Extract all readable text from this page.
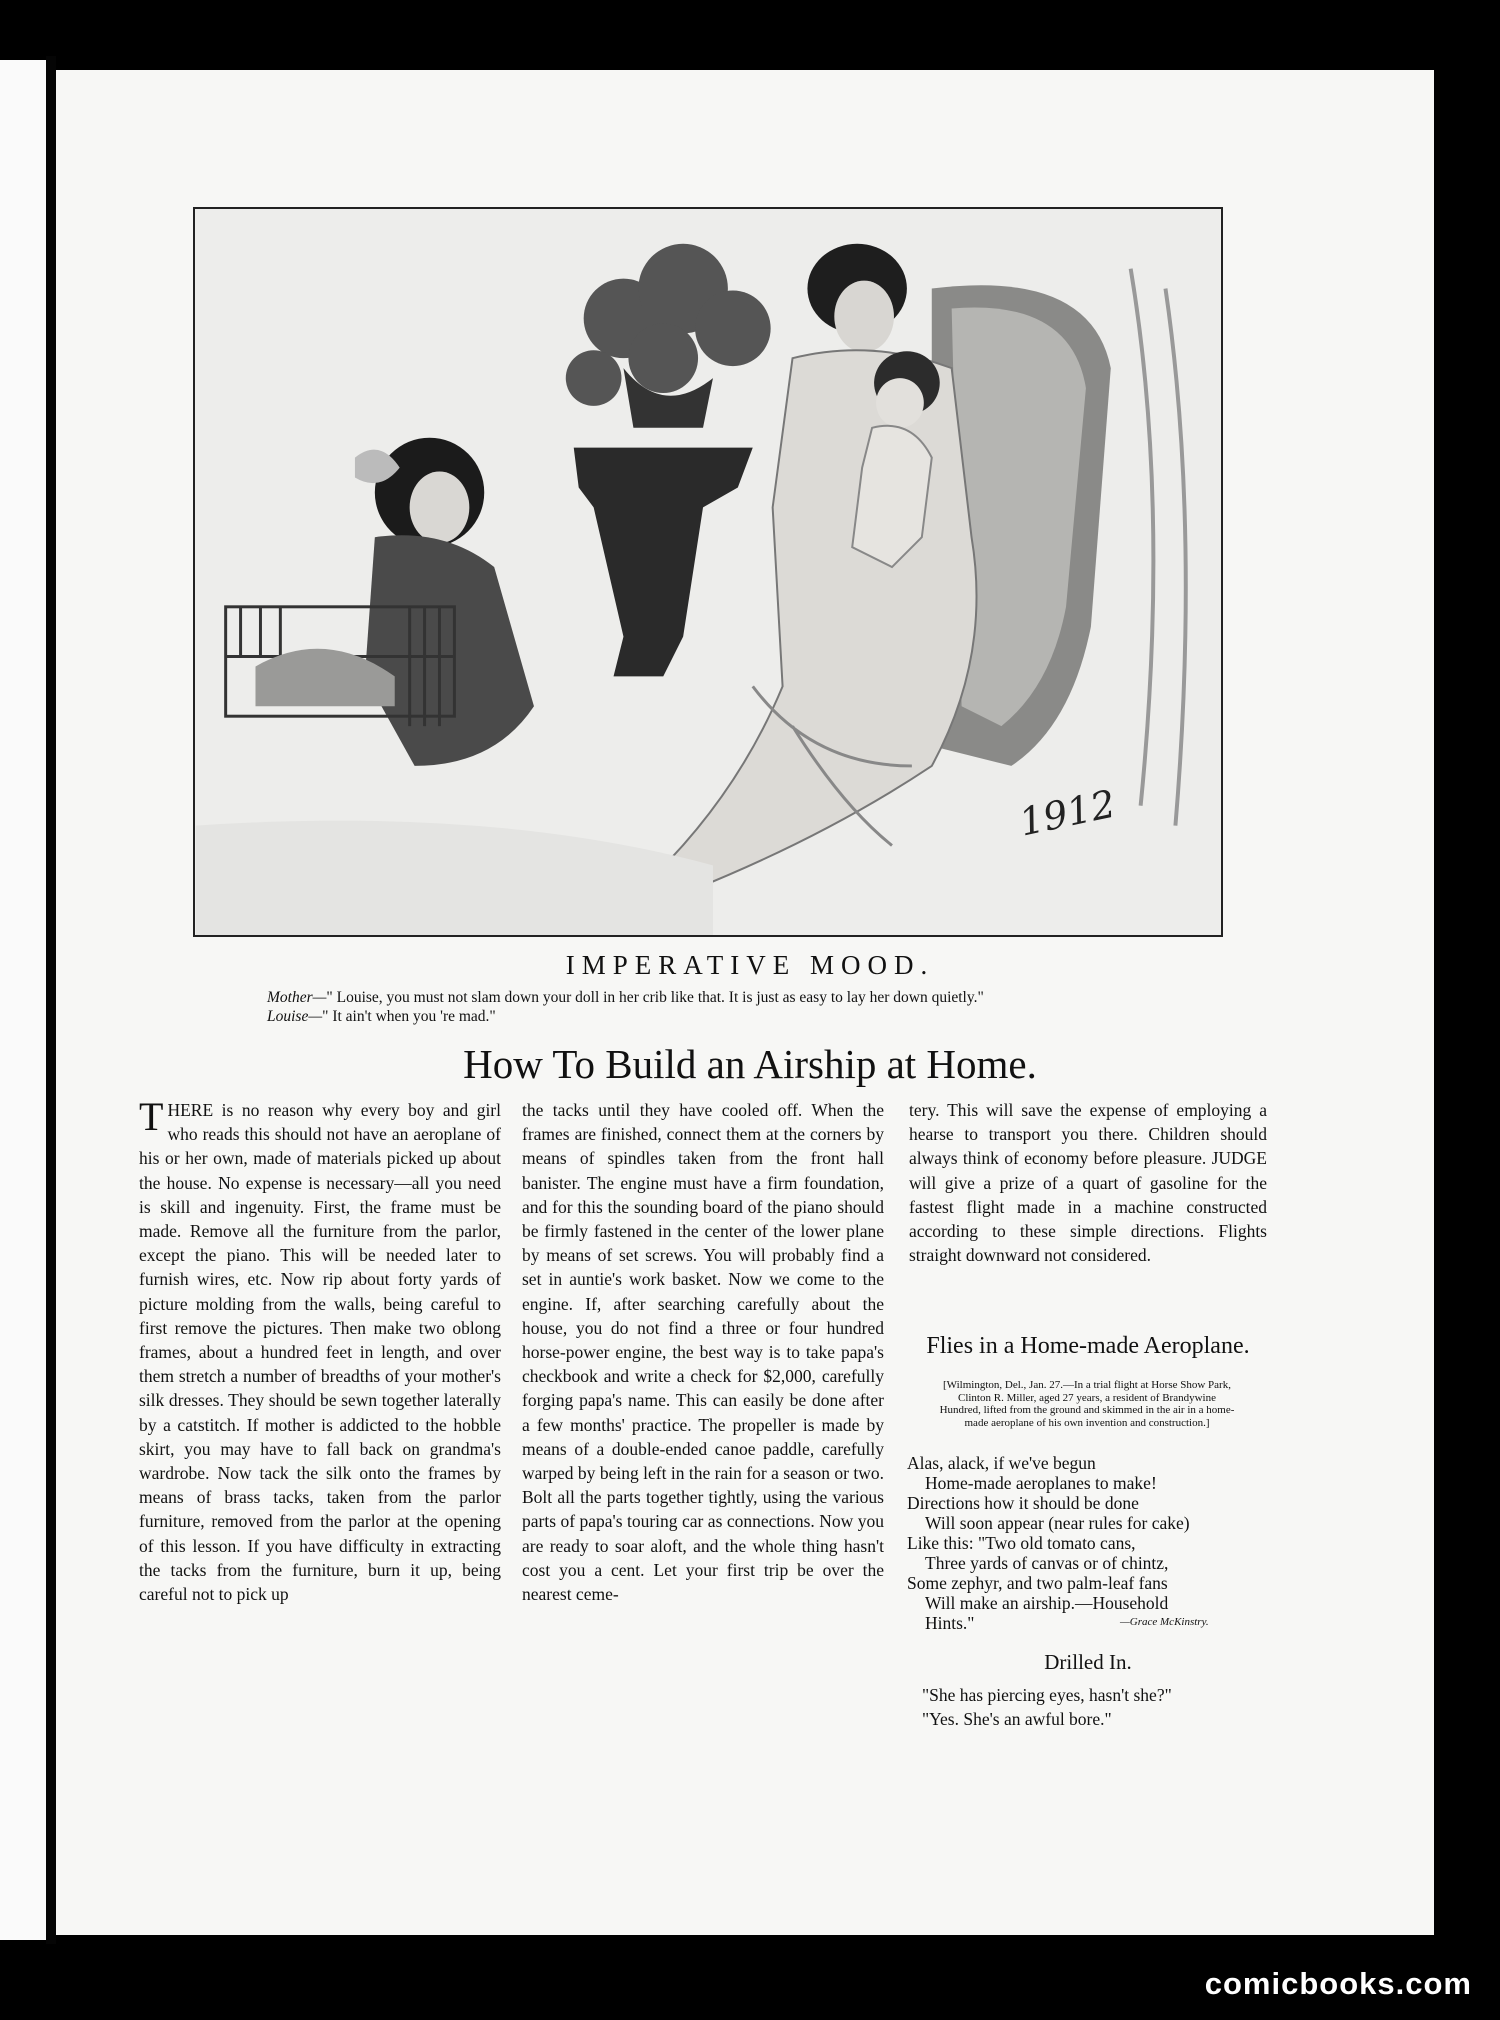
1912
IMPERATIVE MOOD.
Mother—" Louise, you must not slam down your doll in her crib like that. It is just as easy to lay her down quietly."
Louise—" It ain't when you 're mad."
How To Build an Airship at Home.
THERE is no reason why every boy and girl who reads this should not have an aeroplane of his or her own, made of materials picked up about the house. No expense is necessary—all you need is skill and ingenuity. First, the frame must be made. Remove all the furniture from the parlor, except the piano. This will be needed later to furnish wires, etc. Now rip about forty yards of picture molding from the walls, being careful to first remove the pictures. Then make two oblong frames, about a hundred feet in length, and over them stretch a number of breadths of your mother's silk dresses. They should be sewn together laterally by a catstitch. If mother is addicted to the hobble skirt, you may have to fall back on grandma's wardrobe. Now tack the silk onto the frames by means of brass tacks, taken from the parlor furniture, removed from the parlor at the opening of this lesson. If you have difficulty in extracting the tacks from the furniture, burn it up, being careful not to pick up
the tacks until they have cooled off. When the frames are finished, connect them at the corners by means of spindles taken from the front hall banister. The engine must have a firm foundation, and for this the sounding board of the piano should be firmly fastened in the center of the lower plane by means of set screws. You will probably find a set in auntie's work basket. Now we come to the engine. If, after searching carefully about the house, you do not find a three or four hundred horse-power engine, the best way is to take papa's checkbook and write a check for $2,000, carefully forging papa's name. This can easily be done after a few months' practice. The propeller is made by means of a double-ended canoe paddle, carefully warped by being left in the rain for a season or two. Bolt all the parts together tightly, using the various parts of papa's touring car as connections. Now you are ready to soar aloft, and the whole thing hasn't cost you a cent. Let your first trip be over the nearest ceme-
tery. This will save the expense of employing a hearse to transport you there. Children should always think of economy before pleasure. JUDGE will give a prize of a quart of gasoline for the fastest flight made in a machine constructed according to these simple directions. Flights straight downward not considered.
Flies in a Home-made Aeroplane.
[Wilmington, Del., Jan. 27.—In a trial flight at Horse Show Park, Clinton R. Miller, aged 27 years, a resident of Brandywine Hundred, lifted from the ground and skimmed in the air in a home-made aeroplane of his own invention and construction.]
Alas, alack, if we've begun
Home-made aeroplanes to make!
Directions how it should be done
Will soon appear (near rules for cake)
Like this: "Two old tomato cans,
Three yards of canvas or of chintz,
Some zephyr, and two palm-leaf fans
Will make an airship.—Household
Hints."	—Grace McKinstry.
Drilled In.
"She has piercing eyes, hasn't she?"
"Yes. She's an awful bore."
comicbooks.com
